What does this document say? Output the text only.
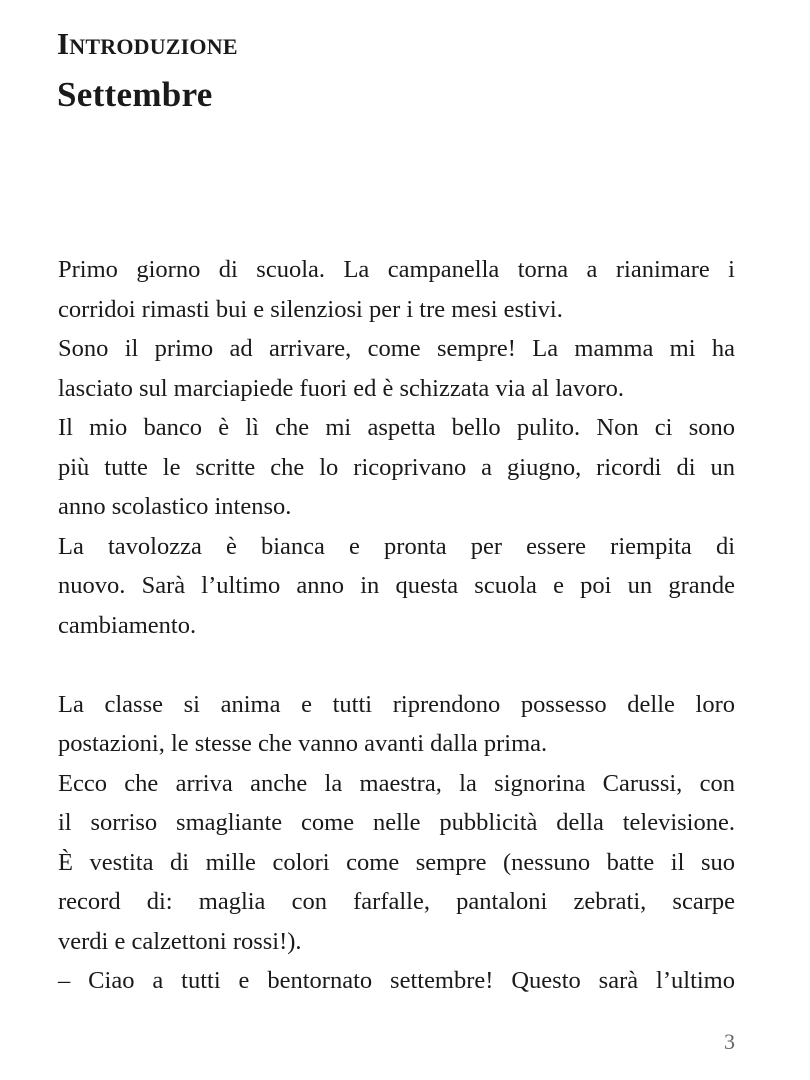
Introduzione
Settembre
Primo giorno di scuola. La campanella torna a rianimare i
corridoi rimasti bui e silenziosi per i tre mesi estivi.
Sono il primo ad arrivare, come sempre! La mamma mi ha
lasciato sul marciapiede fuori ed è schizzata via al lavoro.
Il mio banco è lì che mi aspetta bello pulito. Non ci sono
più tutte le scritte che lo ricoprivano a giugno, ricordi di un
anno scolastico intenso.
La tavolozza è bianca e pronta per essere riempita di
nuovo. Sarà l’ultimo anno in questa scuola e poi un grande
cambiamento.

La classe si anima e tutti riprendono possesso delle loro
postazioni, le stesse che vanno avanti dalla prima.
Ecco che arriva anche la maestra, la signorina Carussi, con
il sorriso smagliante come nelle pubblicità della televisione.
È vestita di mille colori come sempre (nessuno batte il suo
record di: maglia con farfalle, pantaloni zebrati, scarpe
verdi e calzettoni rossi!).
– Ciao a tutti e bentornato settembre! Questo sarà l’ultimo
3
